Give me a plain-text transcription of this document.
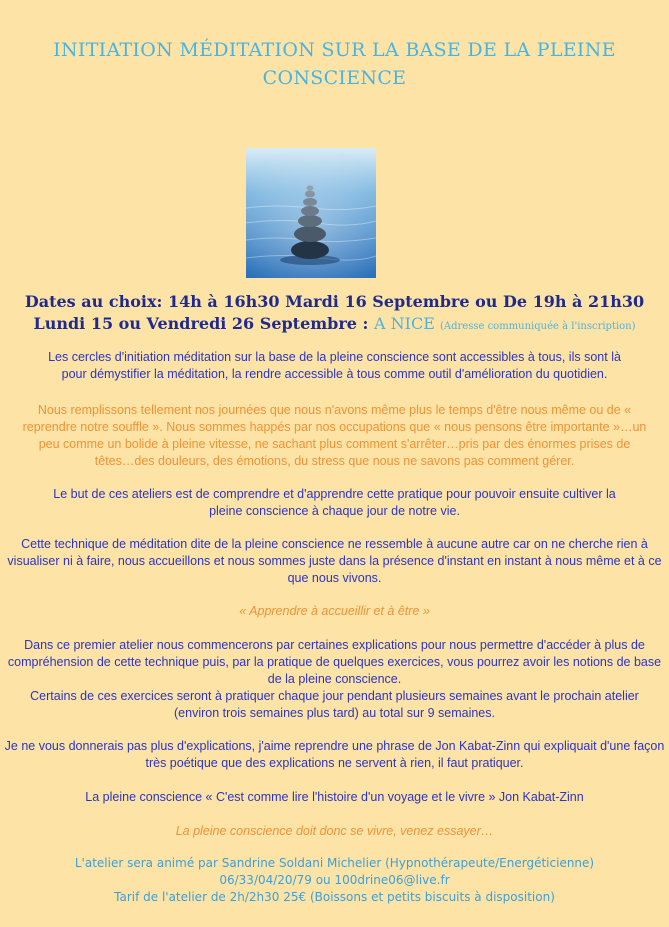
INITIATION MÉDITATION SUR LA BASE DE LA PLEINE CONSCIENCE
Dates au choix: 14h à 16h30 Mardi 16 Septembre ou De 19h à 21h30
Lundi 15 ou Vendredi 26 Septembre : A NICE (Adresse communiquée à l'inscription)
Les cercles d'initiation méditation sur la base de la pleine conscience sont accessibles à tous, ils sont là pour démystifier la méditation, la rendre accessible à tous comme outil d'amélioration du quotidien.
Nous remplissons tellement nos journées que nous n'avons même plus le temps d'être nous même ou de « reprendre notre souffle ». Nous sommes happés par nos occupations que « nous pensons être importante »…un peu comme un bolide à pleine vitesse, ne sachant plus comment s'arrêter…pris par des énormes prises de têtes…des douleurs, des émotions, du stress que nous ne savons pas comment gérer.
Le but de ces ateliers est de comprendre et d'apprendre cette pratique pour pouvoir ensuite cultiver la pleine conscience à chaque jour de notre vie.
Cette technique de méditation dite de la pleine conscience ne ressemble à aucune autre car on ne cherche rien à visualiser ni à faire, nous accueillons et nous sommes juste dans la présence d'instant en instant à nous même et à ce que nous vivons.
« Apprendre à accueillir et à être »
Dans ce premier atelier nous commencerons par certaines explications pour nous permettre d'accéder à plus de compréhension de cette technique puis, par la pratique de quelques exercices, vous pourrez avoir les notions de base de la pleine conscience.
Certains de ces exercices seront à pratiquer chaque jour pendant plusieurs semaines avant le prochain atelier (environ trois semaines plus tard) au total sur 9 semaines.
Je ne vous donnerais pas plus d'explications, j'aime reprendre une phrase de Jon Kabat-Zinn qui expliquait d'une façon très poétique que des explications ne servent à rien, il faut pratiquer.
La pleine conscience « C'est comme lire l'histoire d'un voyage et le vivre » Jon Kabat-Zinn
La pleine conscience doit donc se vivre, venez essayer…
L'atelier sera animé par Sandrine Soldani Michelier (Hypnothérapeute/Energéticienne)
06/33/04/20/79 ou 100drine06@live.fr
Tarif de l'atelier de 2h/2h30 25€ (Boissons et petits biscuits à disposition)
